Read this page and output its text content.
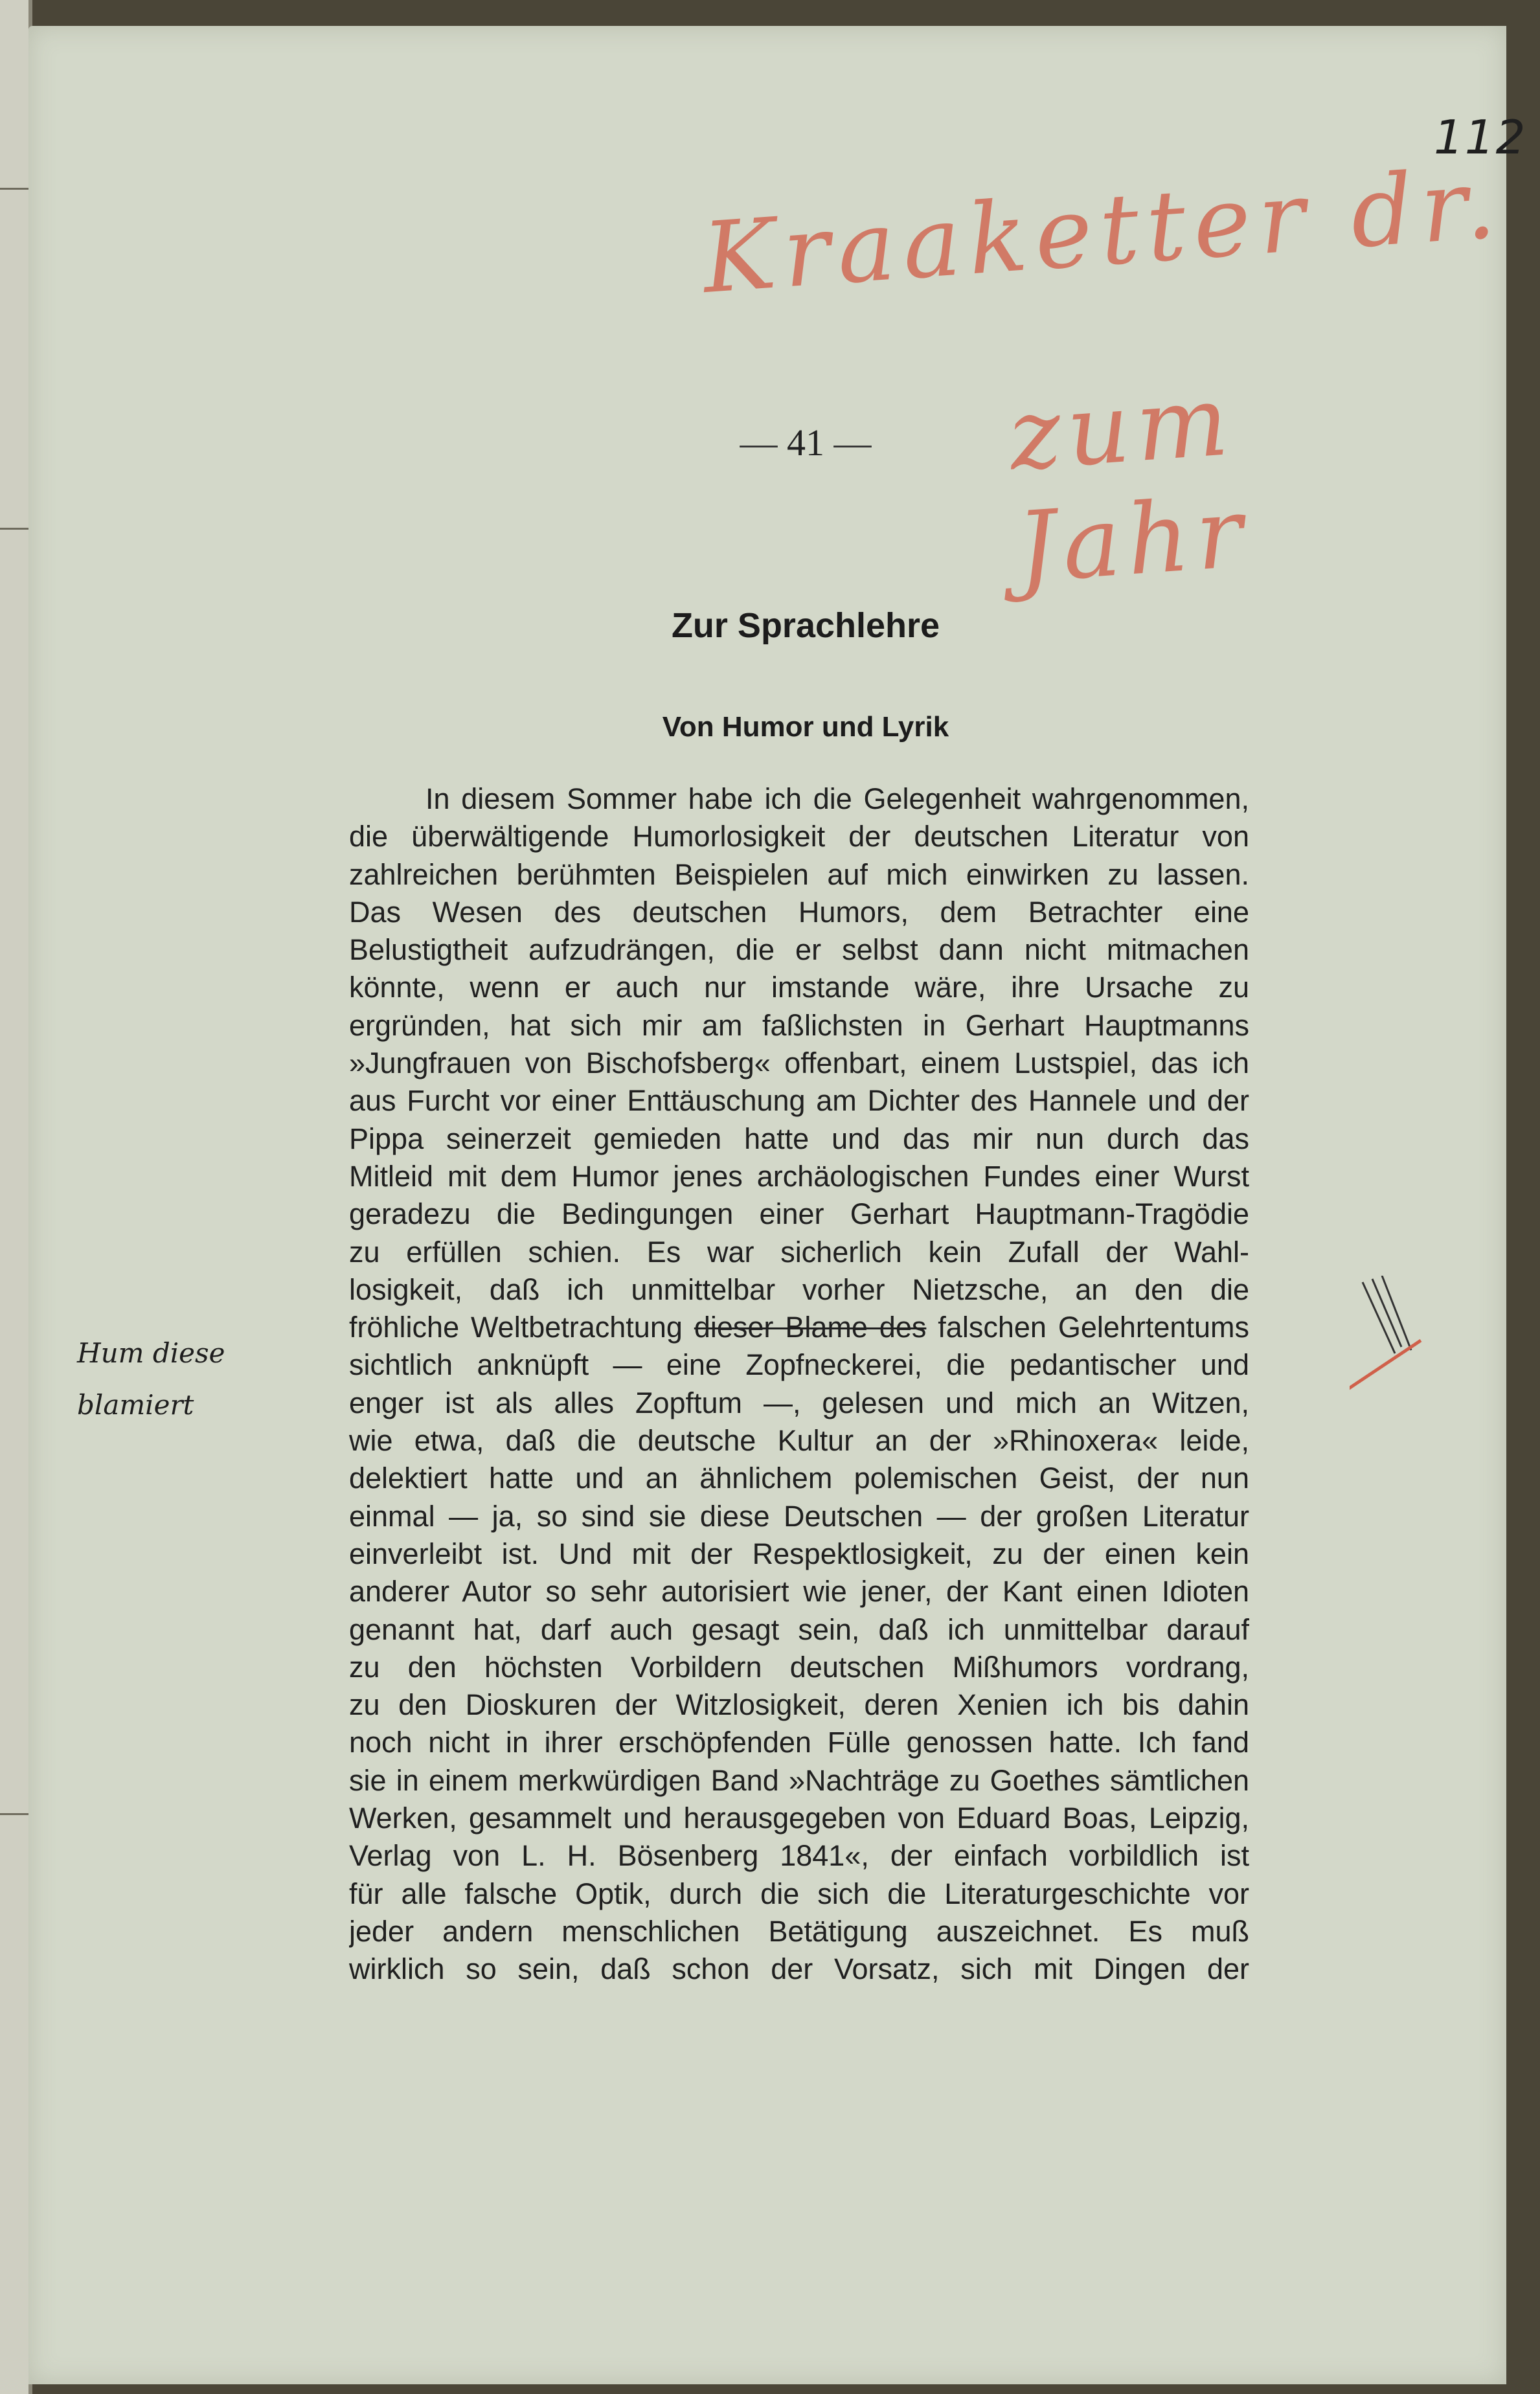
112
Kraaketter dr.
zum Jahr
— 41 —
Zur Sprachlehre
Von Humor und Lyrik
In diesem Sommer habe ich die Gelegenheit wahrgenommen,
die überwältigende Humorlosigkeit der deutschen Literatur von
zahlreichen berühmten Beispielen auf mich einwirken zu lassen.
Das Wesen des deutschen Humors, dem Betrachter eine
Belustigtheit aufzudrängen, die er selbst dann nicht mitmachen
könnte, wenn er auch nur imstande wäre, ihre Ursache zu
ergründen, hat sich mir am faßlichsten in Gerhart Hauptmanns
»Jungfrauen von Bischofsberg« offenbart, einem Lustspiel, das ich
aus Furcht vor einer Enttäuschung am Dichter des Hannele und der
Pippa seinerzeit gemieden hatte und das mir nun durch das
Mitleid mit dem Humor jenes archäologischen Fundes einer Wurst
geradezu die Bedingungen einer Gerhart Hauptmann-Tragödie
zu erfüllen schien. Es war sicherlich kein Zufall der Wahl-
losigkeit, daß ich unmittelbar vorher Nietzsche, an den die
fröhliche Weltbetrachtung dieser Blame des falschen Gelehrtentums
sichtlich anknüpft — eine Zopfneckerei, die pedantischer und
enger ist als alles Zopftum —, gelesen und mich an Witzen,
wie etwa, daß die deutsche Kultur an der »Rhinoxera« leide,
delektiert hatte und an ähnlichem polemischen Geist, der nun
einmal — ja, so sind sie diese Deutschen — der großen Literatur
einverleibt ist. Und mit der Respektlosigkeit, zu der einen kein
anderer Autor so sehr autorisiert wie jener, der Kant einen Idioten
genannt hat, darf auch gesagt sein, daß ich unmittelbar darauf
zu den höchsten Vorbildern deutschen Mißhumors vordrang,
zu den Dioskuren der Witzlosigkeit, deren Xenien ich bis dahin
noch nicht in ihrer erschöpfenden Fülle genossen hatte. Ich fand
sie in einem merkwürdigen Band »Nachträge zu Goethes sämtlichen
Werken, gesammelt und herausgegeben von Eduard Boas, Leipzig,
Verlag von L. H. Bösenberg 1841«, der einfach vorbildlich ist
für alle falsche Optik, durch die sich die Literaturgeschichte vor
jeder andern menschlichen Betätigung auszeichnet. Es muß
wirklich so sein, daß schon der Vorsatz, sich mit Dingen der
Hum diese
blamiert
